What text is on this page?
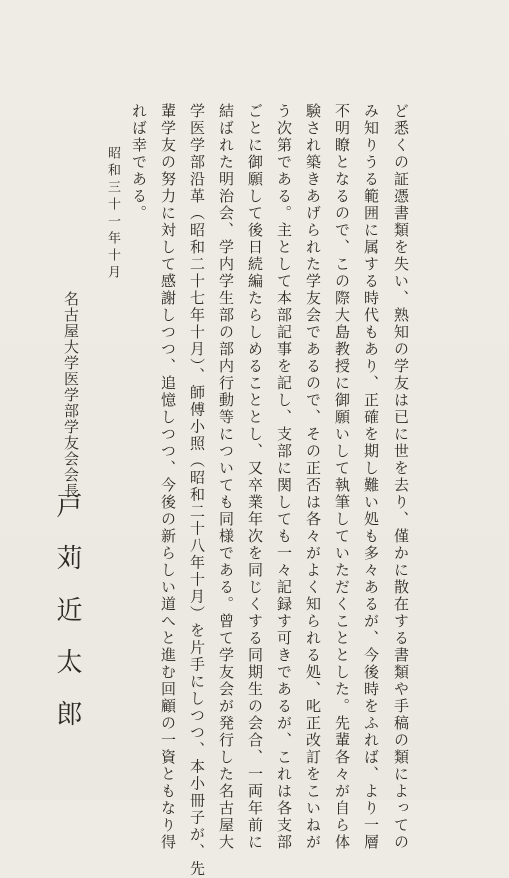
ど悉くの証憑書類を失い、熟知の学友は已に世を去り、僅かに散在する書類や手稿の類によっての

み知りうる範囲に属する時代もあり、正確を期し難い処も多々あるが、今後時をふれば、より一層

不明瞭となるので、この際大島教授に御願いして執筆していただくこととした。先輩各々が自ら体

験され築きあげられた学友会であるので、その正否は各々がよく知られる処、叱正改訂をこいねが

う次第である。主として本部記事を記し、支部に関しても一々記録す可きであるが、これは各支部

ごとに御願して後日続編たらしめることとし、又卒業年次を同じくする同期生の会合、一両年前に

結ばれた明治会、学内学生部の部内行動等についても同様である。曾て学友会が発行した名古屋大

学医学部沿革（昭和二十七年十月）、師傅小照（昭和二十八年十月）を片手にしつつ、本小冊子が、先

輩学友の努力に対して感謝しつつ、追憶しつつ、今後の新らしい道へと進む回顧の一資ともなり得

れば幸である。

昭和三十一年十月

名古屋大学医学部学友会会長

戸苅近太郎
